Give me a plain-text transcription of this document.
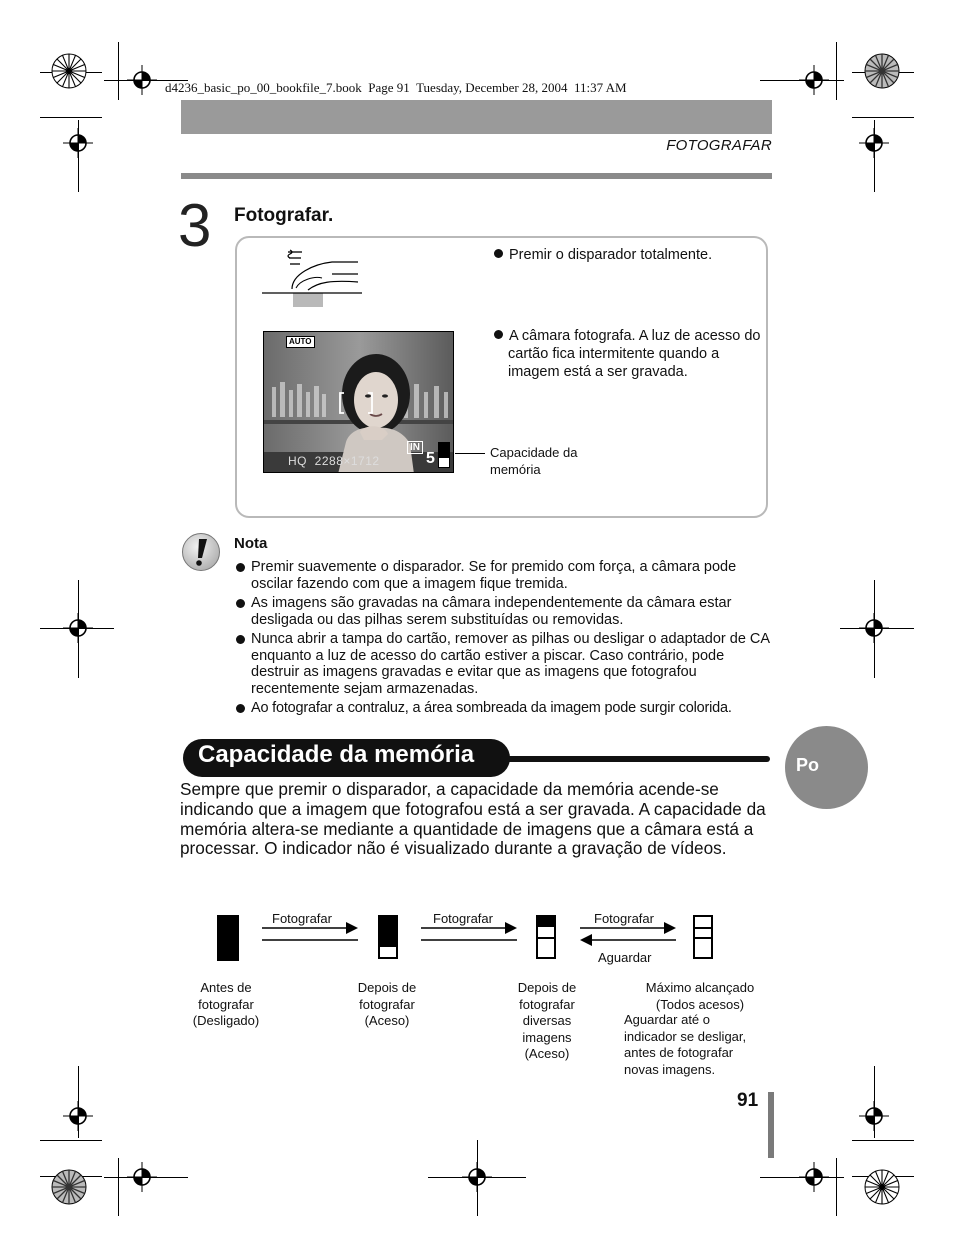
d4236_basic_po_00_bookfile_7.book  Page 91  Tuesday, December 28, 2004  11:37 AM
FOTOGRAFAR
3 Fotografar.
Premir o disparador totalmente.
A câmara fotografa. A luz de acesso do cartão fica intermitente quando a imagem está a ser gravada.
AUTO
HQ  2288×1712
IN
5	Capacidade da memória
Nota
Premir suavemente o disparador. Se for premido com força, a câmara pode oscilar fazendo com que a imagem fique tremida.
As imagens são gravadas na câmara independentemente da câmara estar desligada ou das pilhas serem substituídas ou removidas.
Nunca abrir a tampa do cartão, remover as pilhas ou desligar o adaptador de CA enquanto a luz de acesso do cartão estiver a piscar. Caso contrário, pode destruir as imagens gravadas e evitar que as imagens que fotografou recentemente sejam armazenadas.
Ao fotografar a contraluz, a área sombreada da imagem pode surgir colorida.
Capacidade da memória	Po
Sempre que premir o disparador, a capacidade da memória acende-se indicando que a imagem que fotografou está a ser gravada. A capacidade da memória altera-se mediante a quantidade de imagens que a câmara está a processar. O indicador não é visualizado durante a gravação de vídeos.
Fotografar	Fotografar	Fotografar
Aguardar
Antes de
fotografar
(Desligado)
Depois de
fotografar
(Aceso)
Depois de
fotografar
diversas
imagens
(Aceso)
Máximo alcançado
(Todos acesos)
Aguardar até o
indicador se desligar,
antes de fotografar
novas imagens.
91
